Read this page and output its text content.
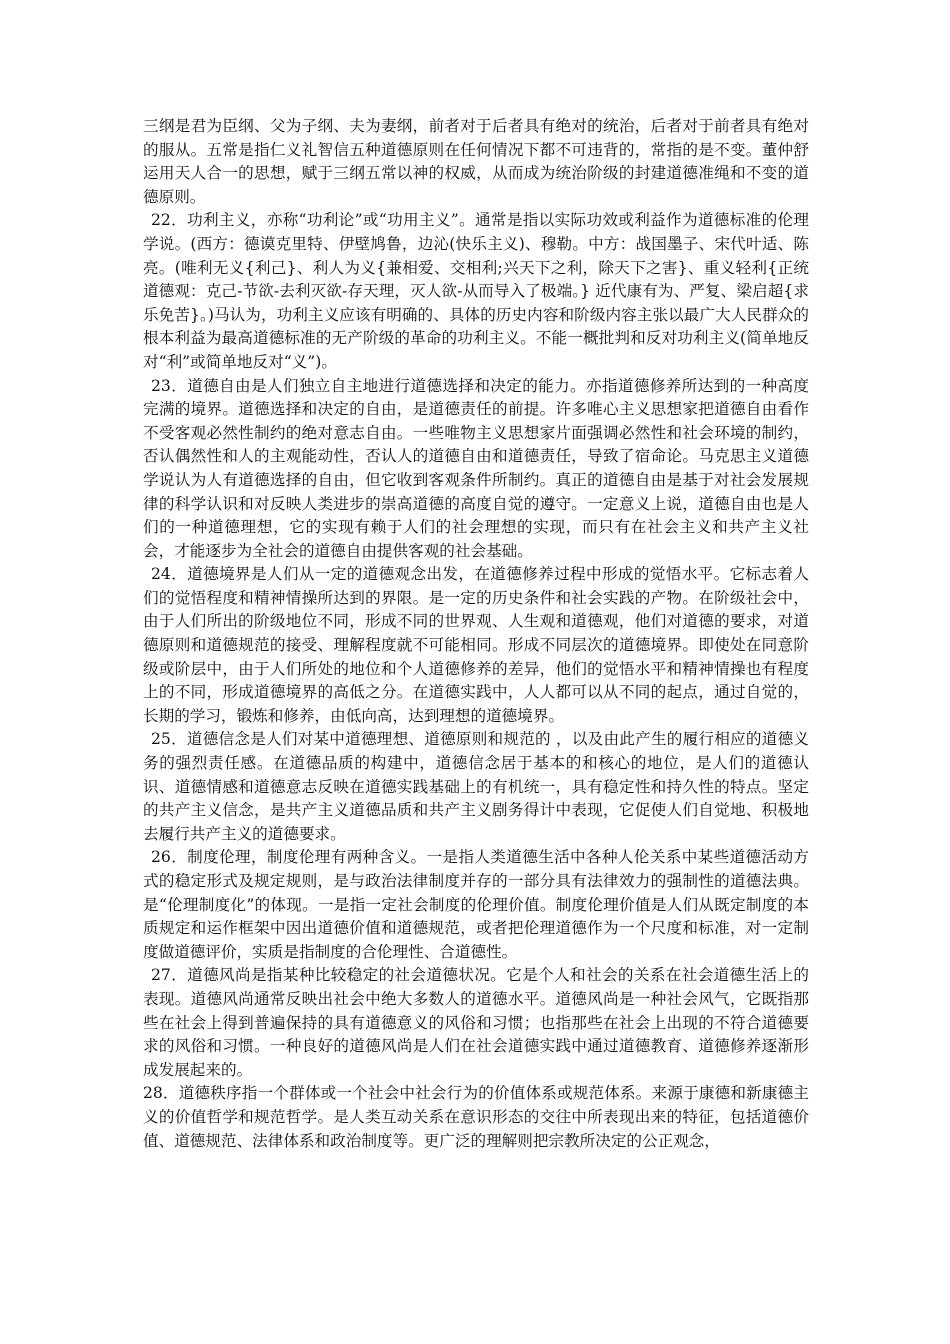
三纲是君为臣纲、父为子纲、夫为妻纲，前者对于后者具有绝对的统治，后者对于前者具有绝对的服从。五常是指仁义礼智信五种道德原则在任何情况下都不可违背的，常指的是不变。董仲舒运用天人合一的思想，赋于三纲五常以神的权威，从而成为统治阶级的封建道德准绳和不变的道德原则。

22．功利主义，亦称“功利论”或“功用主义”。通常是指以实际功效或利益作为道德标准的伦理学说。(西方：德谟克里特、伊壁鸠鲁，边沁(快乐主义)、穆勒。中方：战国墨子、宋代叶适、陈亮。(唯利无义{利己}、利人为义{兼相爱、交相利;兴天下之利，除天下之害}、重义轻利{正统道德观：克己-节欲-去利灭欲-存天理，灭人欲-从而导入了极端。} 近代康有为、严复、梁启超{求乐免苦}。)马认为，功利主义应该有明确的、具体的历史内容和阶级内容主张以最广大人民群众的根本利益为最高道德标准的无产阶级的革命的功利主义。不能一概批判和反对功利主义(简单地反对“利”或简单地反对“义”)。

23．道德自由是人们独立自主地进行道德选择和决定的能力。亦指道德修养所达到的一种高度完满的境界。道德选择和决定的自由，是道德责任的前提。许多唯心主义思想家把道德自由看作不受客观必然性制约的绝对意志自由。一些唯物主义思想家片面强调必然性和社会环境的制约，否认偶然性和人的主观能动性，否认人的道德自由和道德责任，导致了宿命论。马克思主义道德学说认为人有道德选择的自由，但它收到客观条件所制约。真正的道德自由是基于对社会发展规律的科学认识和对反映人类进步的崇高道德的高度自觉的遵守。一定意义上说，道德自由也是人们的一种道德理想，它的实现有赖于人们的社会理想的实现，而只有在社会主义和共产主义社会，才能逐步为全社会的道德自由提供客观的社会基础。

24．道德境界是人们从一定的道德观念出发，在道德修养过程中形成的觉悟水平。它标志着人们的觉悟程度和精神情操所达到的界限。是一定的历史条件和社会实践的产物。在阶级社会中，由于人们所出的阶级地位不同，形成不同的世界观、人生观和道德观，他们对道德的要求，对道德原则和道德规范的接受、理解程度就不可能相同。形成不同层次的道德境界。即使处在同意阶级或阶层中，由于人们所处的地位和个人道德修养的差异，他们的觉悟水平和精神情操也有程度上的不同，形成道德境界的高低之分。在道德实践中，人人都可以从不同的起点，通过自觉的，长期的学习，锻炼和修养，由低向高，达到理想的道德境界。

25．道德信念是人们对某中道德理想、道德原则和规范的 ，以及由此产生的履行相应的道德义务的强烈责任感。在道德品质的构建中，道德信念居于基本的和核心的地位，是人们的道德认识、道德情感和道德意志反映在道德实践基础上的有机统一，具有稳定性和持久性的特点。坚定的共产主义信念，是共产主义道德品质和共产主义剧务得计中表现，它促使人们自觉地、积极地去履行共产主义的道德要求。

26．制度伦理，制度伦理有两种含义。一是指人类道德生活中各种人伦关系中某些道德活动方式的稳定形式及规定规则，是与政治法律制度并存的一部分具有法律效力的强制性的道德法典。是“伦理制度化”的体现。一是指一定社会制度的伦理价值。制度伦理价值是人们从既定制度的本质规定和运作框架中因出道德价值和道德规范，或者把伦理道德作为一个尺度和标准，对一定制度做道德评价，实质是指制度的合伦理性、合道德性。

27．道德风尚是指某种比较稳定的社会道德状况。它是个人和社会的关系在社会道德生活上的表现。道德风尚通常反映出社会中绝大多数人的道德水平。道德风尚是一种社会风气，它既指那些在社会上得到普遍保持的具有道德意义的风俗和习惯；也指那些在社会上出现的不符合道德要求的风俗和习惯。一种良好的道德风尚是人们在社会道德实践中通过道德教育、道德修养逐渐形成发展起来的。

28．道德秩序指一个群体或一个社会中社会行为的价值体系或规范体系。来源于康德和新康德主义的价值哲学和规范哲学。是人类互动关系在意识形态的交往中所表现出来的特征，包括道德价值、道德规范、法律体系和政治制度等。更广泛的理解则把宗教所决定的公正观念，
